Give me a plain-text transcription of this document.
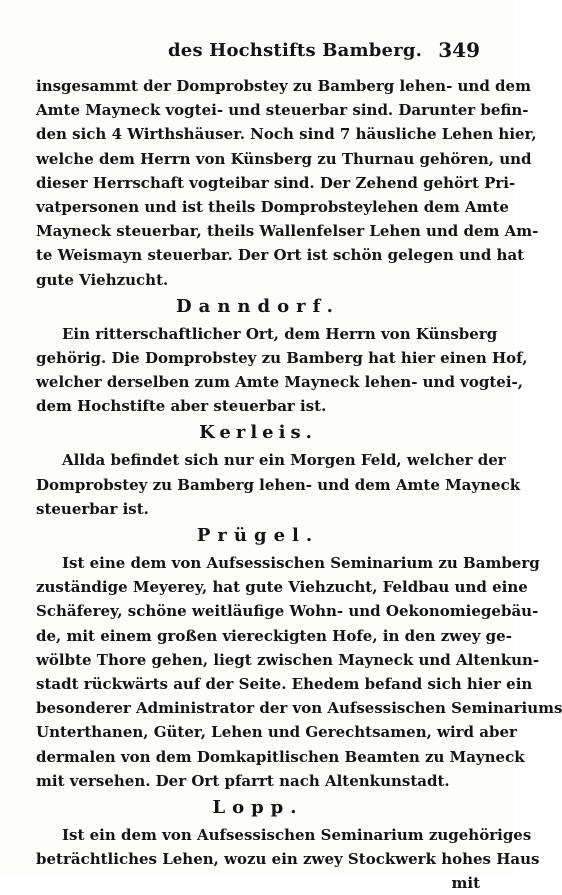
des Hochstifts Bamberg. 349
insgesammt der Domprobstey zu Bamberg lehen- und dem
Amte Mayneck vogtei- und steuerbar sind. Darunter befin-
den sich 4 Wirthshäuser. Noch sind 7 häusliche Lehen hier,
welche dem Herrn von Künsberg zu Thurnau gehören, und
dieser Herrschaft vogteibar sind. Der Zehend gehört Pri-
vatpersonen und ist theils Domprobsteylehen dem Amte
Mayneck steuerbar, theils Wallenfelser Lehen und dem Am-
te Weismayn steuerbar. Der Ort ist schön gelegen und hat
gute Viehzucht.
Danndorf.
Ein ritterschaftlicher Ort, dem Herrn von Künsberg
gehörig. Die Domprobstey zu Bamberg hat hier einen Hof,
welcher derselben zum Amte Mayneck lehen- und vogtei-,
dem Hochstifte aber steuerbar ist.
Kerleis.
Allda befindet sich nur ein Morgen Feld, welcher der
Domprobstey zu Bamberg lehen- und dem Amte Mayneck
steuerbar ist.
Prügel.
Ist eine dem von Aufsessischen Seminarium zu Bamberg
zuständige Meyerey, hat gute Viehzucht, Feldbau und eine
Schäferey, schöne weitläufige Wohn- und Oekonomiegebäu-
de, mit einem großen viereckigten Hofe, in den zwey ge-
wölbte Thore gehen, liegt zwischen Mayneck und Altenkun-
stadt rückwärts auf der Seite. Ehedem befand sich hier ein
besonderer Administrator der von Aufsessischen Seminariums
Unterthanen, Güter, Lehen und Gerechtsamen, wird aber
dermalen von dem Domkapitlischen Beamten zu Mayneck
mit versehen. Der Ort pfarrt nach Altenkunstadt.
Lopp.
Ist ein dem von Aufsessischen Seminarium zugehöriges
beträchtliches Lehen, wozu ein zwey Stockwerk hohes Haus
mit
